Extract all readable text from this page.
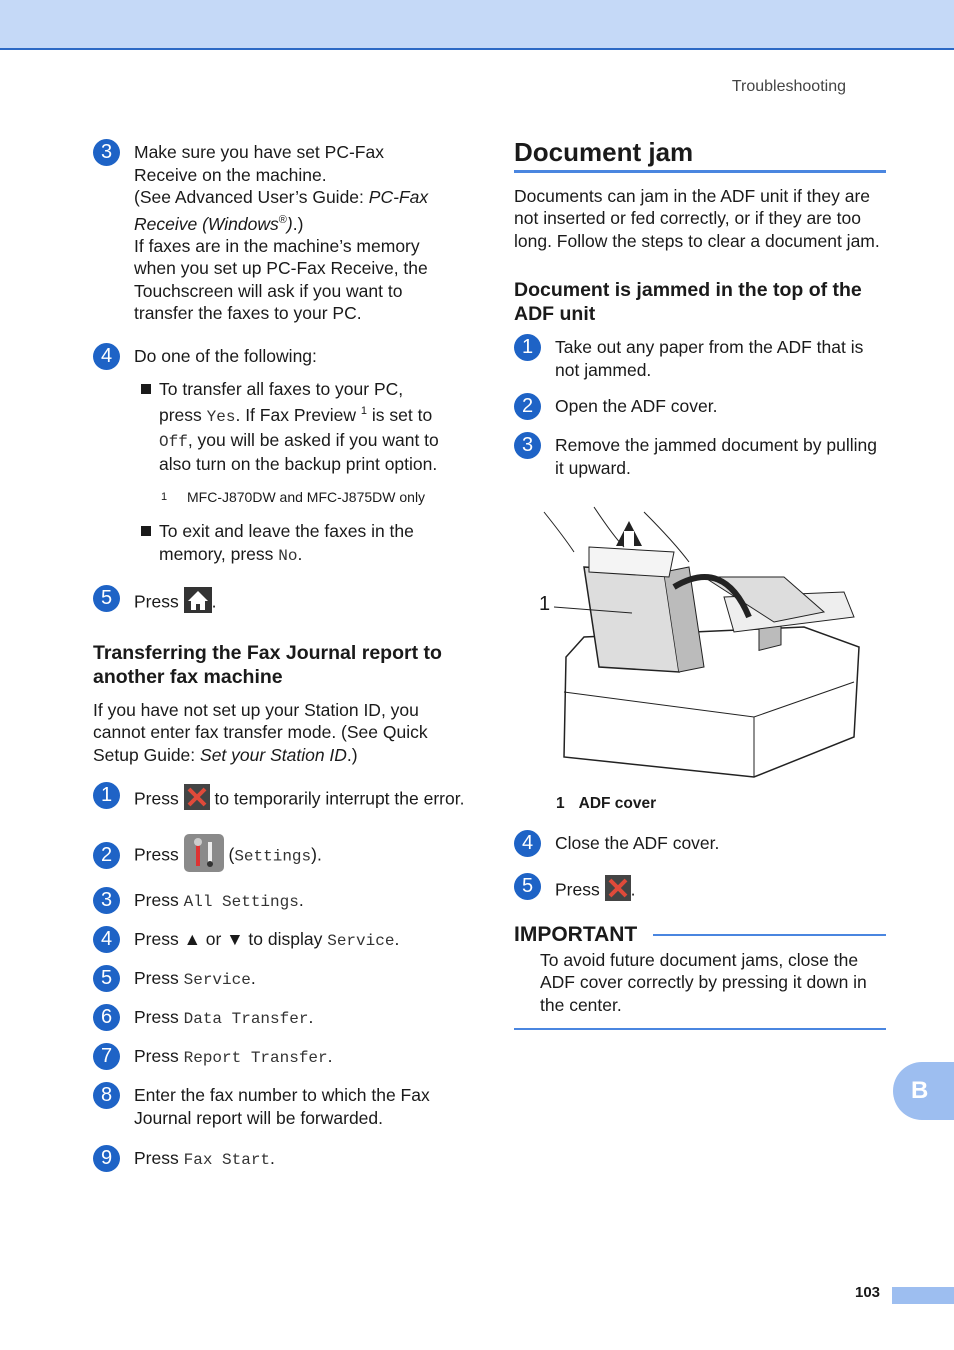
Troubleshooting
3	Make sure you have set PC-Fax
Receive on the machine.
(See Advanced User’s Guide: PC-Fax
Receive (Windows®).)
If faxes are in the machine’s memory
when you set up PC-Fax Receive, the
Touchscreen will ask if you want to
transfer the faxes to your PC.
4	Do one of the following:
To transfer all faxes to your PC,
press Yes. If Fax Preview $^1$ is set to
Off, you will be asked if you want to
also turn on the backup print option.
1	MFC-J870DW and MFC-J875DW only
To exit and leave the faxes in the
memory, press No.
5	Press .
Transferring the Fax Journal report to another fax machine
If you have not set up your Station ID, you cannot enter fax transfer mode. (See Quick Setup Guide: Set your Station ID.)
1	Press  to temporarily interrupt the error.
2	Press  (Settings).
3	Press All Settings.
4	Press ▲ or ▼ to display Service.
5	Press Service.
6	Press Data Transfer.
7	Press Report Transfer.
8	Enter the fax number to which the Fax Journal report will be forwarded.
9	Press Fax Start.
Document jam
Documents can jam in the ADF unit if they are not inserted or fed correctly, or if they are too long. Follow the steps to clear a document jam.
Document is jammed in the top of the ADF unit
1	Take out any paper from the ADF that is not jammed.
2	Open the ADF cover.
3	Remove the jammed document by pulling it upward.
1
1 ADF cover
4	Close the ADF cover.
5	Press .
IMPORTANT
To avoid future document jams, close the ADF cover correctly by pressing it down in the center.
B
103
